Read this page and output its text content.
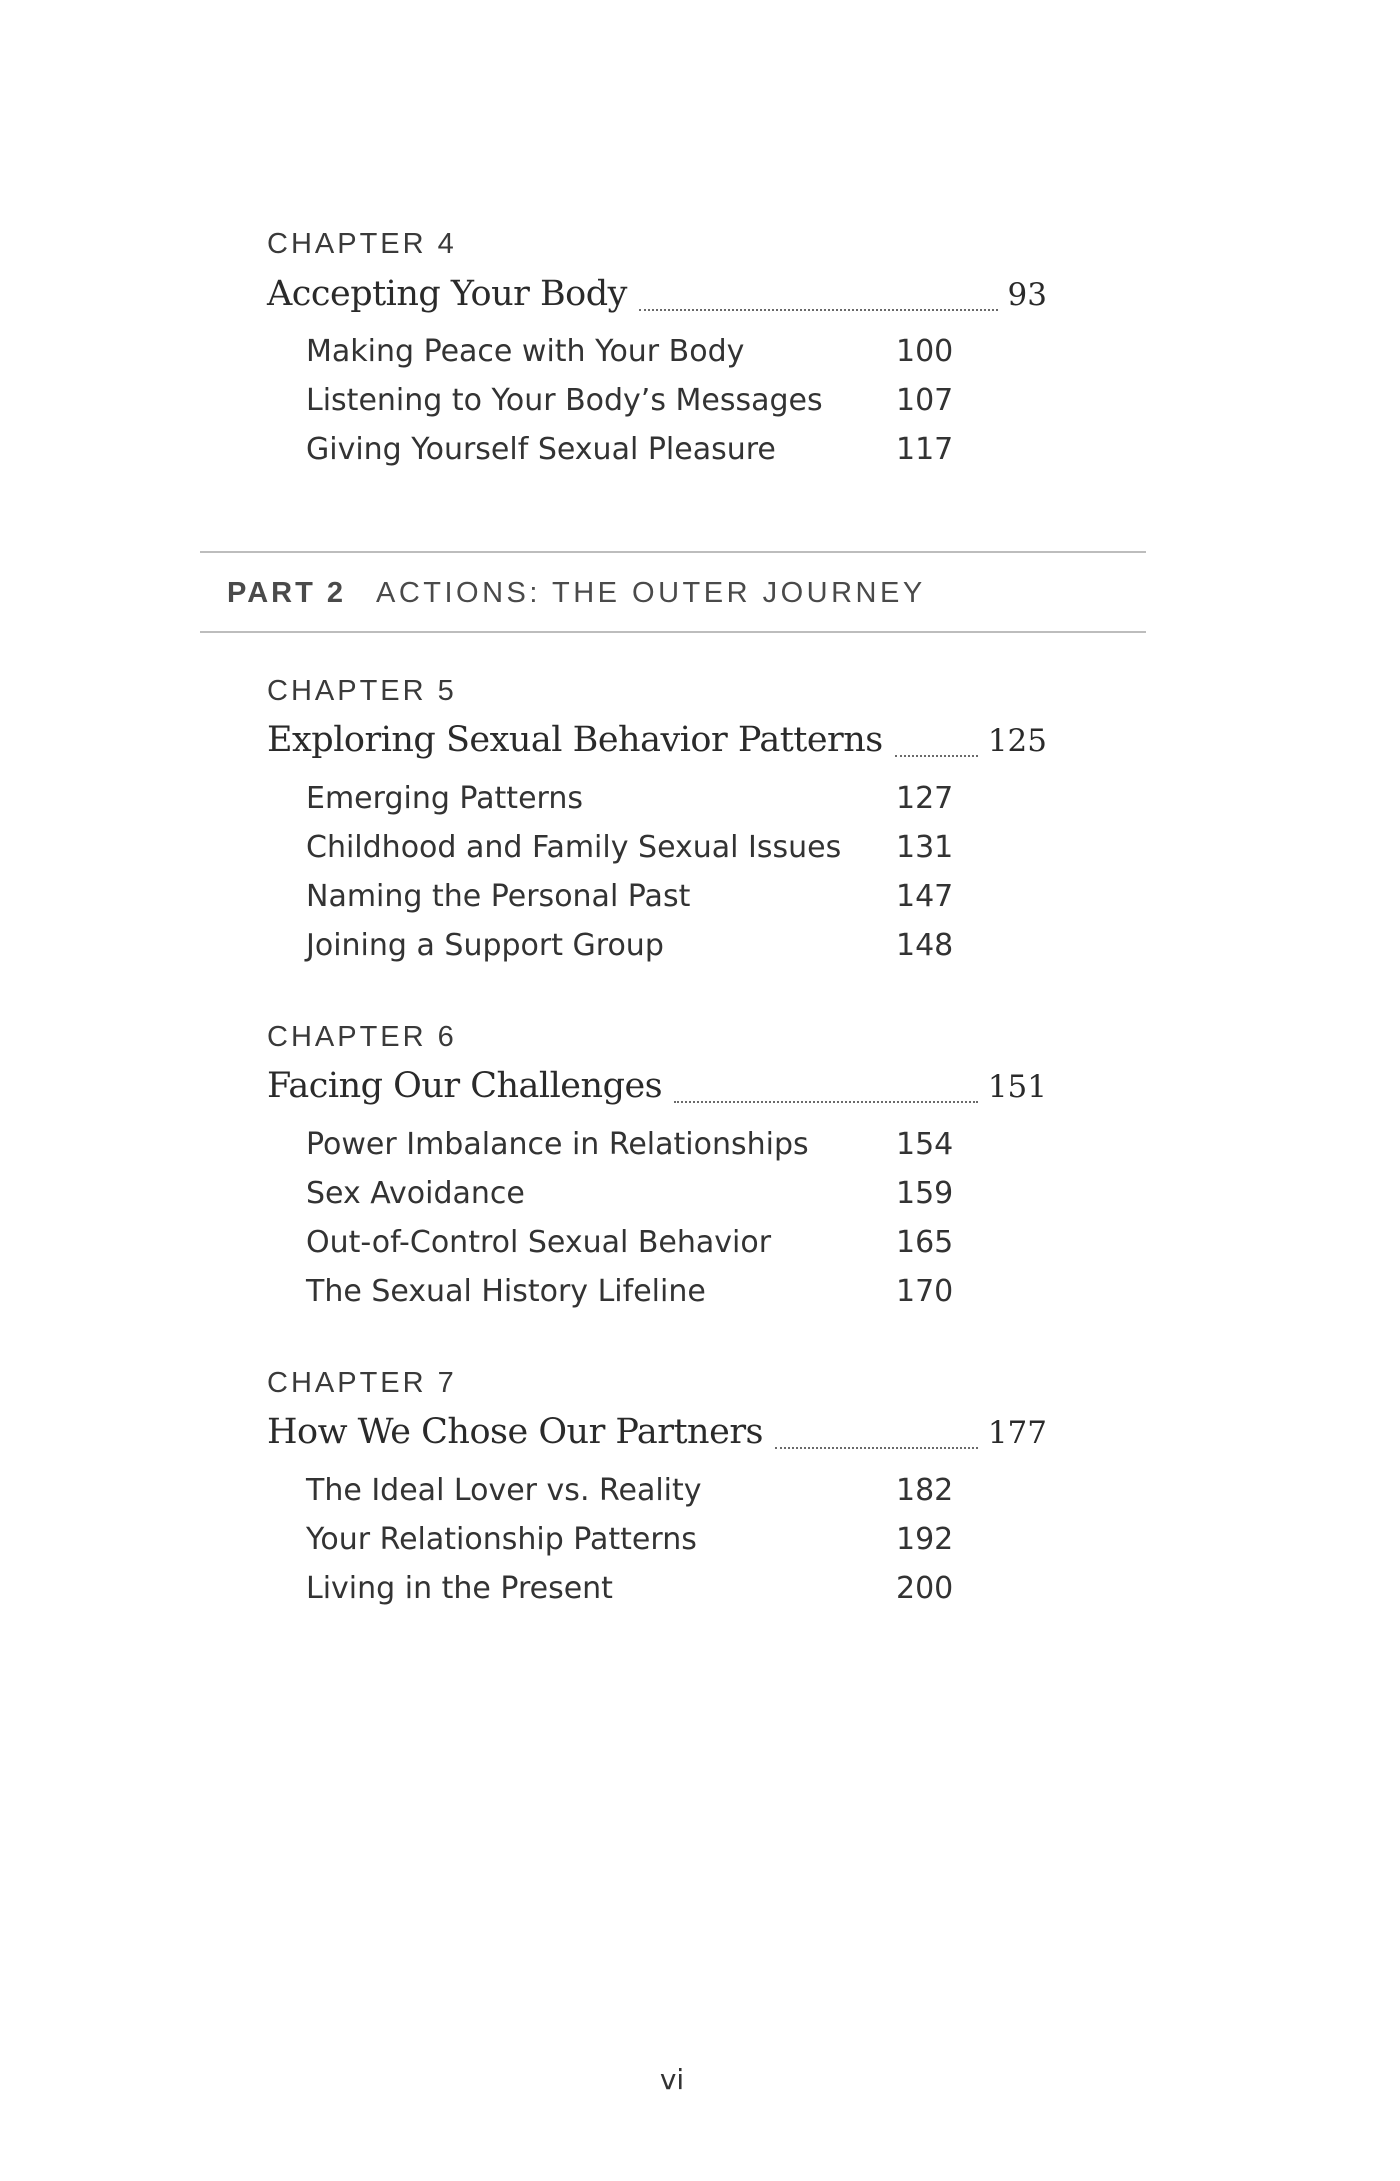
CHAPTER 4
Accepting Your Body	93
Making Peace with Your Body	100
Listening to Your Body’s Messages 107
Giving Yourself Sexual Pleasure	117
PART 2 ACTIONS: THE OUTER JOURNEY
CHAPTER 5
Exploring Sexual Behavior Patterns	125
Emerging Patterns	127
Childhood and Family Sexual Issues 131
Naming the Personal Past	147
Joining a Support Group	148
CHAPTER 6
Facing Our Challenges	151
Power Imbalance in Relationships	154
Sex Avoidance	159
Out-of-Control Sexual Behavior	165
The Sexual History Lifeline	170
CHAPTER 7
How We Chose Our Partners	177
The Ideal Lover vs. Reality	182
Your Relationship Patterns	192
Living in the Present	200
vi
